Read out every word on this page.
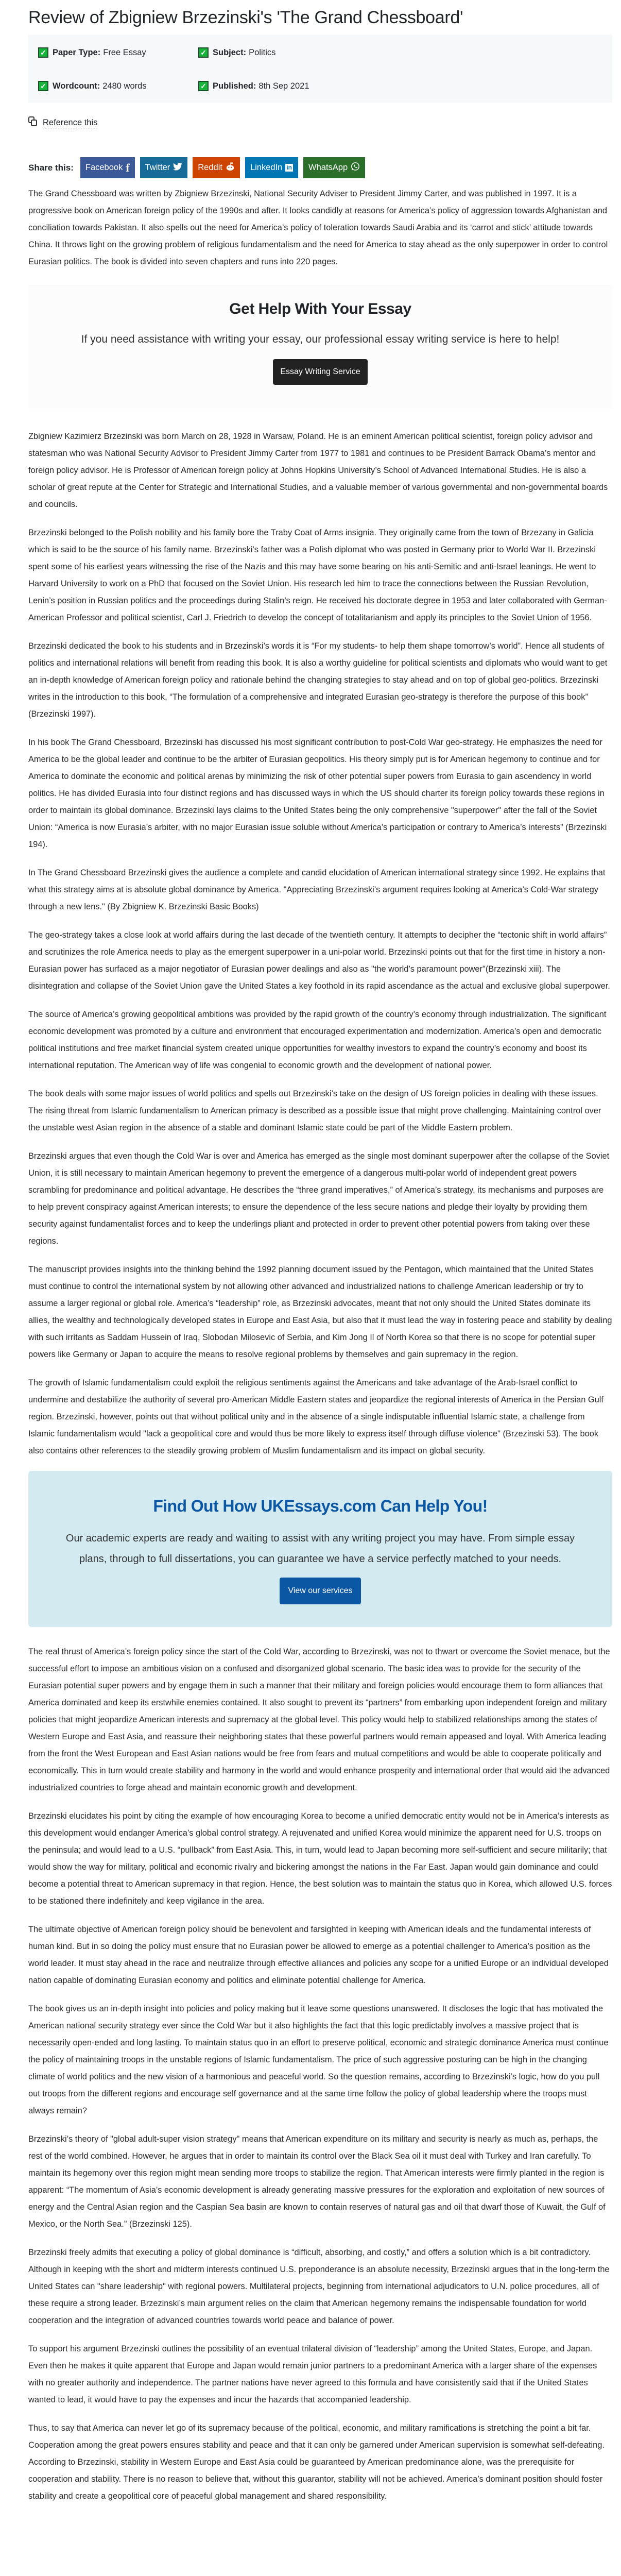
Review of Zbigniew Brzezinski's 'The Grand Chessboard'
✓ Paper Type: Free Essay	✓ Subject: Politics
✓ Wordcount: 2480 words	✓ Published: 8th Sep 2021
Reference this
Share this: Facebook f Twitter	Reddit	LinkedIn in WhatsApp

The Grand Chessboard was written by Zbigniew Brzezinski, National Security Adviser to President Jimmy Carter, and was published in 1997. It is a progressive book on American foreign policy of the 1990s and after. It looks candidly at reasons for America’s policy of aggression towards Afghanistan and conciliation towards Pakistan. It also spells out the need for America’s policy of toleration towards Saudi Arabia and its ‘carrot and stick’ attitude towards China. It throws light on the growing problem of religious fundamentalism and the need for America to stay ahead as the only superpower in order to control Eurasian politics. The book is divided into seven chapters and runs into 220 pages.

Get Help With Your Essay
If you need assistance with writing your essay, our professional essay writing service is here to help!
Essay Writing Service

Zbigniew Kazimierz Brzezinski was born March on 28, 1928 in Warsaw, Poland. He is an eminent American political scientist, foreign policy advisor and statesman who was National Security Advisor to President Jimmy Carter from 1977 to 1981 and continues to be President Barrack Obama’s mentor and foreign policy advisor. He is Professor of American foreign policy at Johns Hopkins University’s School of Advanced International Studies. He is also a scholar of great repute at the Center for Strategic and International Studies, and a valuable member of various governmental and non-governmental boards and councils.

Brzezinski belonged to the Polish nobility and his family bore the Traby Coat of Arms insignia. They originally came from the town of Brzezany in Galicia which is said to be the source of his family name. Brzezinski’s father was a Polish diplomat who was posted in Germany prior to World War II. Brzezinski spent some of his earliest years witnessing the rise of the Nazis and this may have some bearing on his anti-Semitic and anti-Israel leanings. He went to Harvard University to work on a PhD that focused on the Soviet Union. His research led him to trace the connections between the Russian Revolution, Lenin’s position in Russian politics and the proceedings during Stalin’s reign. He received his doctorate degree in 1953 and later collaborated with German-American Professor and political scientist, Carl J. Friedrich to develop the concept of totalitarianism and apply its principles to the Soviet Union of 1956.

Brzezinski dedicated the book to his students and in Brzezinski’s words it is “For my students- to help them shape tomorrow’s world”. Hence all students of politics and international relations will benefit from reading this book. It is also a worthy guideline for political scientists and diplomats who would want to get an in-depth knowledge of American foreign policy and rationale behind the changing strategies to stay ahead and on top of global geo-politics. Brzezinski writes in the introduction to this book, “The formulation of a comprehensive and integrated Eurasian geo-strategy is therefore the purpose of this book” (Brzezinski 1997).

In his book The Grand Chessboard, Brzezinski has discussed his most significant contribution to post-Cold War geo-strategy. He emphasizes the need for America to be the global leader and continue to be the arbiter of Eurasian geopolitics. His theory simply put is for American hegemony to continue and for America to dominate the economic and political arenas by minimizing the risk of other potential super powers from Eurasia to gain ascendency in world politics. He has divided Eurasia into four distinct regions and has discussed ways in which the US should charter its foreign policy towards these regions in order to maintain its global dominance. Brzezinski lays claims to the United States being the only comprehensive "superpower" after the fall of the Soviet Union: “America is now Eurasia’s arbiter, with no major Eurasian issue soluble without America’s participation or contrary to America’s interests” (Brzezinski 194).

In The Grand Chessboard Brzezinski gives the audience a complete and candid elucidation of American international strategy since 1992. He explains that what this strategy aims at is absolute global dominance by America. "Appreciating Brzezinski’s argument requires looking at America’s Cold-War strategy through a new lens." (By Zbigniew K. Brzezinski Basic Books)

The geo-strategy takes a close look at world affairs during the last decade of the twentieth century. It attempts to decipher the “tectonic shift in world affairs” and scrutinizes the role America needs to play as the emergent superpower in a uni-polar world. Brzezinski points out that for the first time in history a non- Eurasian power has surfaced as a major negotiator of Eurasian power dealings and also as "the world’s paramount power"(Brzezinski xiii). The disintegration and collapse of the Soviet Union gave the United States a key foothold in its rapid ascendance as the actual and exclusive global superpower.

The source of America’s growing geopolitical ambitions was provided by the rapid growth of the country’s economy through industrialization. The significant economic development was promoted by a culture and environment that encouraged experimentation and modernization. America’s open and democratic political institutions and free market financial system created unique opportunities for wealthy investors to expand the country’s economy and boost its international reputation. The American way of life was congenial to economic growth and the development of national power.

The book deals with some major issues of world politics and spells out Brzezinski’s take on the design of US foreign policies in dealing with these issues. The rising threat from Islamic fundamentalism to American primacy is described as a possible issue that might prove challenging. Maintaining control over the unstable west Asian region in the absence of a stable and dominant Islamic state could be part of the Middle Eastern problem.

Brzezinski argues that even though the Cold War is over and America has emerged as the single most dominant superpower after the collapse of the Soviet Union, it is still necessary to maintain American hegemony to prevent the emergence of a dangerous multi-polar world of independent great powers scrambling for predominance and political advantage. He describes the “three grand imperatives,” of America’s strategy, its mechanisms and purposes are to help prevent conspiracy against American interests; to ensure the dependence of the less secure nations and pledge their loyalty by providing them security against fundamentalist forces and to keep the underlings pliant and protected in order to prevent other potential powers from taking over these regions.

The manuscript provides insights into the thinking behind the 1992 planning document issued by the Pentagon, which maintained that the United States must continue to control the international system by not allowing other advanced and industrialized nations to challenge American leadership or try to assume a larger regional or global role. America’s “leadership” role, as Brzezinski advocates, meant that not only should the United States dominate its allies, the wealthy and technologically developed states in Europe and East Asia, but also that it must lead the way in fostering peace and stability by dealing with such irritants as Saddam Hussein of Iraq, Slobodan Milosevic of Serbia, and Kim Jong Il of North Korea so that there is no scope for potential super powers like Germany or Japan to acquire the means to resolve regional problems by themselves and gain supremacy in the region.

The growth of Islamic fundamentalism could exploit the religious sentiments against the Americans and take advantage of the Arab-Israel conflict to undermine and destabilize the authority of several pro-American Middle Eastern states and jeopardize the regional interests of America in the Persian Gulf region. Brzezinski, however, points out that without political unity and in the absence of a single indisputable influential Islamic state, a challenge from Islamic fundamentalism would "lack a geopolitical core and would thus be more likely to express itself through diffuse violence" (Brzezinski 53). The book also contains other references to the steadily growing problem of Muslim fundamentalism and its impact on global security.

Find Out How UKEssays.com Can Help You!
Our academic experts are ready and waiting to assist with any writing project you may have. From simple essay plans, through to full dissertations, you can guarantee we have a service perfectly matched to your needs.
View our services

The real thrust of America’s foreign policy since the start of the Cold War, according to Brzezinski, was not to thwart or overcome the Soviet menace, but the successful effort to impose an ambitious vision on a confused and disorganized global scenario. The basic idea was to provide for the security of the Eurasian potential super powers and by engage them in such a manner that their military and foreign policies would encourage them to form alliances that America dominated and keep its erstwhile enemies contained. It also sought to prevent its “partners” from embarking upon independent foreign and military policies that might jeopardize American interests and supremacy at the global level. This policy would help to stabilized relationships among the states of Western Europe and East Asia, and reassure their neighboring states that these powerful partners would remain appeased and loyal. With America leading from the front the West European and East Asian nations would be free from fears and mutual competitions and would be able to cooperate politically and economically. This in turn would create stability and harmony in the world and would enhance prosperity and international order that would aid the advanced industrialized countries to forge ahead and maintain economic growth and development.

Brzezinski elucidates his point by citing the example of how encouraging Korea to become a unified democratic entity would not be in America’s interests as this development would endanger America’s global control strategy. A rejuvenated and unified Korea would minimize the apparent need for U.S. troops on the peninsula; and would lead to a U.S. “pullback” from East Asia. This, in turn, would lead to Japan becoming more self-sufficient and secure militarily; that would show the way for military, political and economic rivalry and bickering amongst the nations in the Far East. Japan would gain dominance and could become a potential threat to American supremacy in that region. Hence, the best solution was to maintain the status quo in Korea, which allowed U.S. forces to be stationed there indefinitely and keep vigilance in the area.

The ultimate objective of American foreign policy should be benevolent and farsighted in keeping with American ideals and the fundamental interests of human kind. But in so doing the policy must ensure that no Eurasian power be allowed to emerge as a potential challenger to America’s position as the world leader. It must stay ahead in the race and neutralize through effective alliances and policies any scope for a unified Europe or an individual developed nation capable of dominating Eurasian economy and politics and eliminate potential challenge for America.

The book gives us an in-depth insight into policies and policy making but it leave some questions unanswered. It discloses the logic that has motivated the American national security strategy ever since the Cold War but it also highlights the fact that this logic predictably involves a massive project that is necessarily open-ended and long lasting. To maintain status quo in an effort to preserve political, economic and strategic dominance America must continue the policy of maintaining troops in the unstable regions of Islamic fundamentalism. The price of such aggressive posturing can be high in the changing climate of world politics and the new vision of a harmonious and peaceful world. So the question remains, according to Brzezinski’s logic, how do you pull out troops from the different regions and encourage self governance and at the same time follow the policy of global leadership where the troops must always remain?

Brzezinski’s theory of "global adult-super vision strategy" means that American expenditure on its military and security is nearly as much as, perhaps, the rest of the world combined. However, he argues that in order to maintain its control over the Black Sea oil it must deal with Turkey and Iran carefully. To maintain its hegemony over this region might mean sending more troops to stabilize the region. That American interests were firmly planted in the region is apparent: “The momentum of Asia’s economic development is already generating massive pressures for the exploration and exploitation of new sources of energy and the Central Asian region and the Caspian Sea basin are known to contain reserves of natural gas and oil that dwarf those of Kuwait, the Gulf of Mexico, or the North Sea.” (Brzezinski 125).

Brzezinski freely admits that executing a policy of global dominance is “difficult, absorbing, and costly,” and offers a solution which is a bit contradictory. Although in keeping with the short and midterm interests continued U.S. preponderance is an absolute necessity, Brzezinski argues that in the long-term the United States can "share leadership" with regional powers. Multilateral projects, beginning from international adjudicators to U.N. police procedures, all of these require a strong leader. Brzezinski’s main argument relies on the claim that American hegemony remains the indispensable foundation for world cooperation and the integration of advanced countries towards world peace and balance of power.

To support his argument Brzezinski outlines the possibility of an eventual trilateral division of “leadership” among the United States, Europe, and Japan. Even then he makes it quite apparent that Europe and Japan would remain junior partners to a predominant America with a larger share of the expenses with no greater authority and independence. The partner nations have never agreed to this formula and have consistently said that if the United States wanted to lead, it would have to pay the expenses and incur the hazards that accompanied leadership.

Thus, to say that America can never let go of its supremacy because of the political, economic, and military ramifications is stretching the point a bit far. Cooperation among the great powers ensures stability and peace and that it can only be garnered under American supervision is somewhat self-defeating. According to Brzezinski, stability in Western Europe and East Asia could be guaranteed by American predominance alone, was the prerequisite for cooperation and stability. There is no reason to believe that, without this guarantor, stability will not be achieved. America’s dominant position should foster stability and create a geopolitical core of peaceful global management and shared responsibility.
